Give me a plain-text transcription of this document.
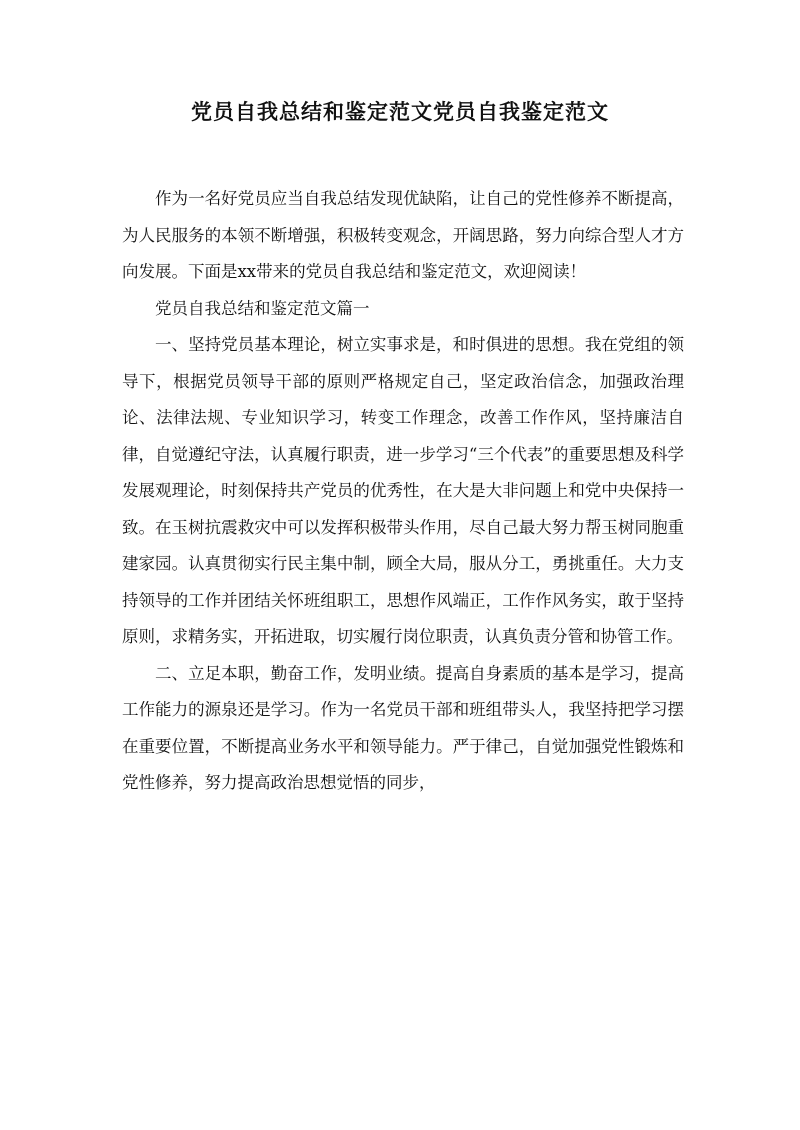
党员自我总结和鉴定范文党员自我鉴定范文

作为一名好党员应当自我总结发现优缺陷，让自己的党性修养不断提高，为人民服务的本领不断增强，积极转变观念，开阔思路，努力向综合型人才方向发展。下面是xx带来的党员自我总结和鉴定范文，欢迎阅读！

党员自我总结和鉴定范文篇一

一、坚持党员基本理论，树立实事求是，和时俱进的思想。我在党组的领导下，根据党员领导干部的原则严格规定自己，坚定政治信念，加强政治理论、法律法规、专业知识学习，转变工作理念，改善工作作风，坚持廉洁自律，自觉遵纪守法，认真履行职责，进一步学习“三个代表”的重要思想及科学发展观理论，时刻保持共产党员的优秀性，在大是大非问题上和党中央保持一致。在玉树抗震救灾中可以发挥积极带头作用，尽自己最大努力帮玉树同胞重建家园。认真贯彻实行民主集中制，顾全大局，服从分工，勇挑重任。大力支持领导的工作并团结关怀班组职工，思想作风端正，工作作风务实，敢于坚持原则，求精务实，开拓进取，切实履行岗位职责，认真负责分管和协管工作。

二、立足本职，勤奋工作，发明业绩。提高自身素质的基本是学习，提高工作能力的源泉还是学习。作为一名党员干部和班组带头人，我坚持把学习摆在重要位置，不断提高业务水平和领导能力。严于律己，自觉加强党性锻炼和党性修养，努力提高政治思想觉悟的同步，
